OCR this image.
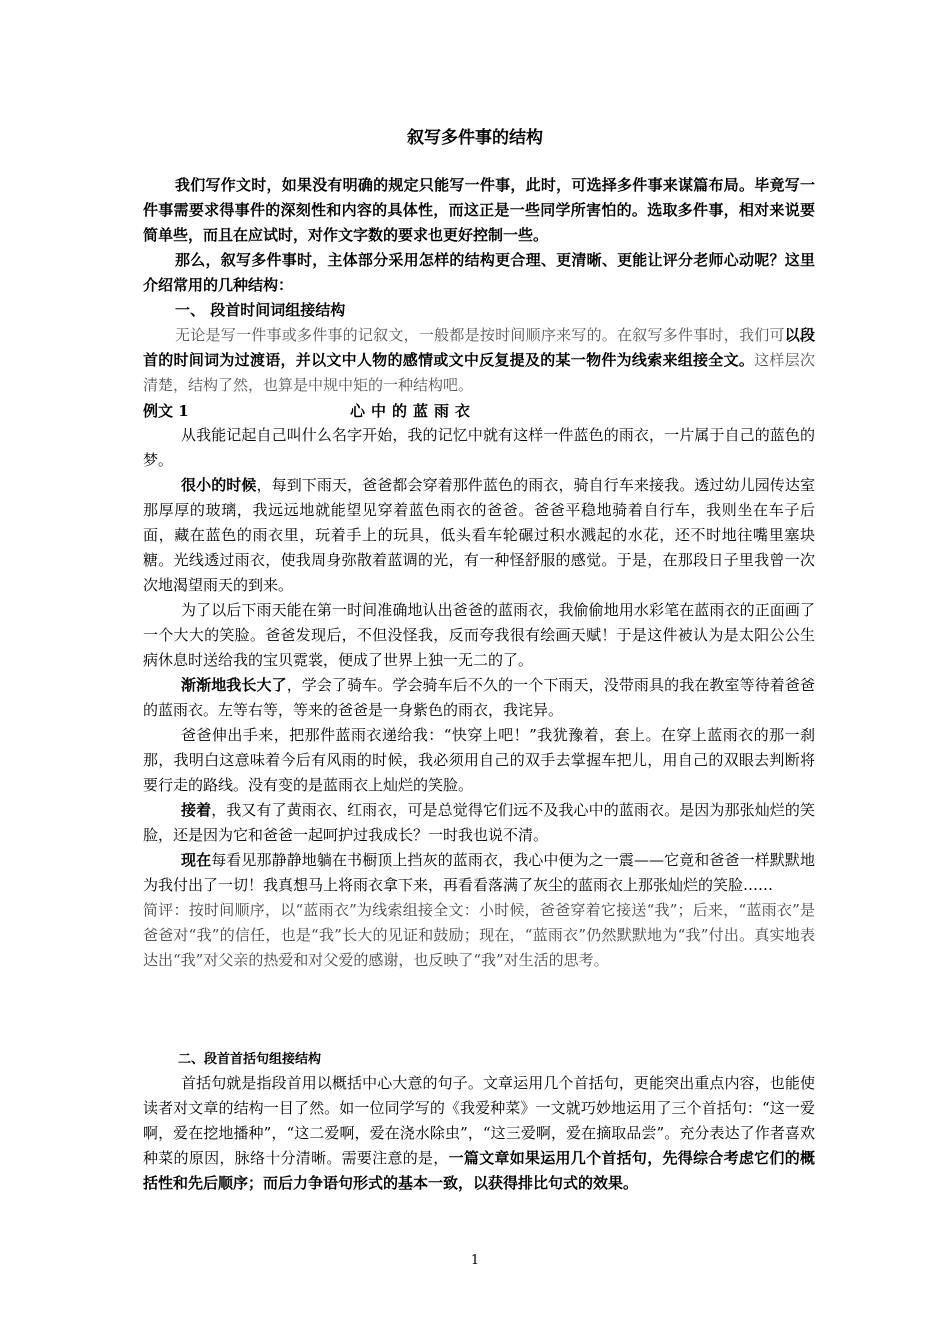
叙写多件事的结构

我们写作文时，如果没有明确的规定只能写一件事，此时，可选择多件事来谋篇布局。毕竟写一件事需要求得事件的深刻性和内容的具体性，而这正是一些同学所害怕的。选取多件事，相对来说要简单些，而且在应试时，对作文字数的要求也更好控制一些。

那么，叙写多件事时，主体部分采用怎样的结构更合理、更清晰、更能让评分老师心动呢？这里介绍常用的几种结构：

一、 段首时间词组接结构

无论是写一件事或多件事的记叙文，一般都是按时间顺序来写的。在叙写多件事时，我们可以段首的时间词为过渡语，并以文中人物的感情或文中反复提及的某一物件为线索来组接全文。这样层次清楚，结构了然，也算是中规中矩的一种结构吧。

例文 1	心中的蓝雨衣

从我能记起自己叫什么名字开始，我的记忆中就有这样一件蓝色的雨衣，一片属于自己的蓝色的梦。

很小的时候，每到下雨天，爸爸都会穿着那件蓝色的雨衣，骑自行车来接我。透过幼儿园传达室那厚厚的玻璃，我远远地就能望见穿着蓝色雨衣的爸爸。爸爸平稳地骑着自行车，我则坐在车子后面，藏在蓝色的雨衣里，玩着手上的玩具，低头看车轮碾过积水溅起的水花，还不时地往嘴里塞块糖。光线透过雨衣，使我周身弥散着蓝调的光，有一种怪舒服的感觉。于是，在那段日子里我曾一次次地渴望雨天的到来。

为了以后下雨天能在第一时间准确地认出爸爸的蓝雨衣，我偷偷地用水彩笔在蓝雨衣的正面画了一个大大的笑脸。爸爸发现后，不但没怪我，反而夸我很有绘画天赋！于是这件被认为是太阳公公生病休息时送给我的宝贝霓裳，便成了世界上独一无二的了。

渐渐地我长大了，学会了骑车。学会骑车后不久的一个下雨天，没带雨具的我在教室等待着爸爸的蓝雨衣。左等右等，等来的爸爸是一身紫色的雨衣，我诧异。

爸爸伸出手来，把那件蓝雨衣递给我：“快穿上吧！”我犹豫着，套上。在穿上蓝雨衣的那一刹那，我明白这意味着今后有风雨的时候，我必须用自己的双手去掌握车把儿，用自己的双眼去判断将要行走的路线。没有变的是蓝雨衣上灿烂的笑脸。

接着，我又有了黄雨衣、红雨衣，可是总觉得它们远不及我心中的蓝雨衣。是因为那张灿烂的笑脸，还是因为它和爸爸一起呵护过我成长？一时我也说不清。

现在每看见那静静地躺在书橱顶上挡灰的蓝雨衣，我心中便为之一震——它竟和爸爸一样默默地为我付出了一切！我真想马上将雨衣拿下来，再看看落满了灰尘的蓝雨衣上那张灿烂的笑脸……

简评：按时间顺序，以“蓝雨衣”为线索组接全文：小时候，爸爸穿着它接送“我”；后来，“蓝雨衣”是爸爸对“我”的信任，也是“我”长大的见证和鼓励；现在，“蓝雨衣”仍然默默地为“我”付出。真实地表达出“我”对父亲的热爱和对父爱的感谢，也反映了“我”对生活的思考。

二、段首首括句组接结构

首括句就是指段首用以概括中心大意的句子。文章运用几个首括句，更能突出重点内容，也能使读者对文章的结构一目了然。如一位同学写的《我爱种菜》一文就巧妙地运用了三个首括句：“这一爱啊，爱在挖地播种”，“这二爱啊，爱在浇水除虫”，“这三爱啊，爱在摘取品尝”。充分表达了作者喜欢种菜的原因，脉络十分清晰。需要注意的是，一篇文章如果运用几个首括句，先得综合考虑它们的概括性和先后顺序；而后力争语句形式的基本一致，以获得排比句式的效果。

1
